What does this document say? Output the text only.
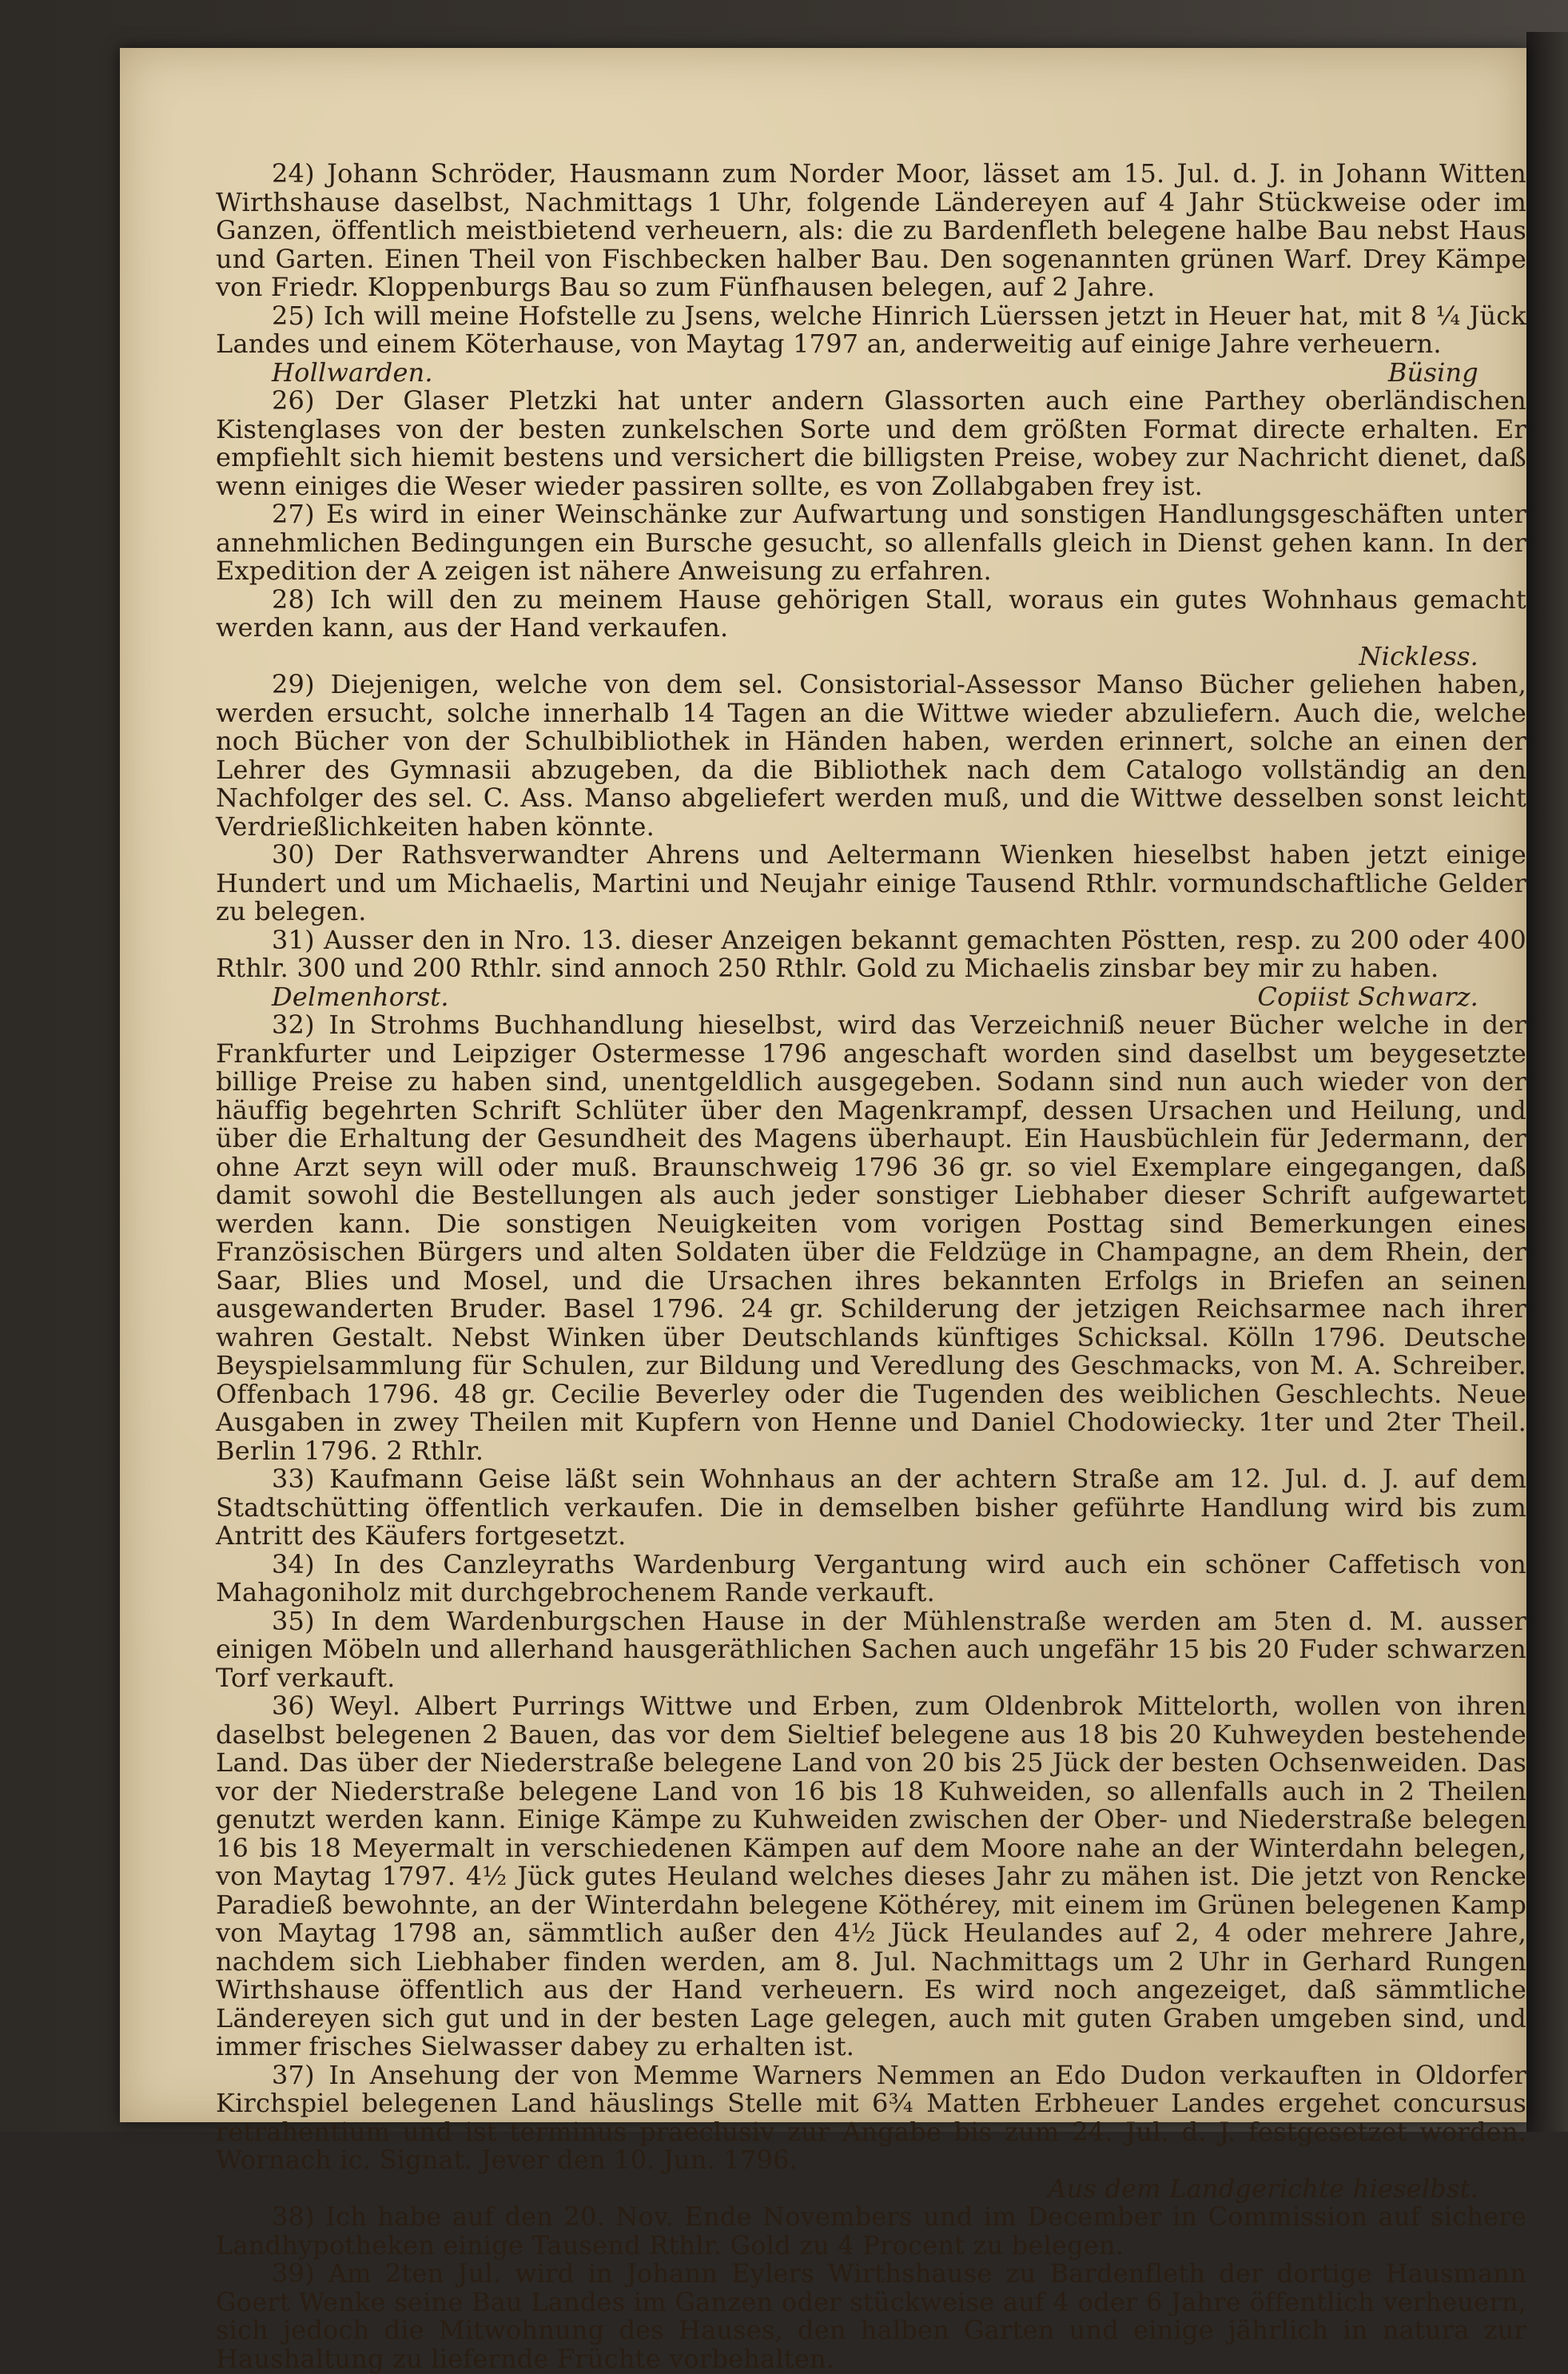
24) Johann Schröder, Hausmann zum Norder Moor, lässet am 15. Jul. d. J. in Johann Witten Wirthshause daselbst, Nachmittags 1 Uhr, folgende Ländereyen auf 4 Jahr Stückweise oder im Ganzen, öffentlich meistbietend verheuern, als: die zu Bardenfleth belegene halbe Bau nebst Haus und Garten. Einen Theil von Fischbecken halber Bau. Den sogenannten grünen Warf. Drey Kämpe von Friedr. Kloppenburgs Bau so zum Fünfhausen belegen, auf 2 Jahre.

25) Ich will meine Hofstelle zu Jsens, welche Hinrich Lüerssen jetzt in Heuer hat, mit 8 ¼ Jück Landes und einem Köterhause, von Maytag 1797 an, anderweitig auf einige Jahre verheuern.

Hollwarden.	Büsing

26) Der Glaser Pletzki hat unter andern Glassorten auch eine Parthey oberländischen Kistenglases von der besten zunkelschen Sorte und dem größten Format directe erhalten. Er empfiehlt sich hiemit bestens und versichert die billigsten Preise, wobey zur Nachricht dienet, daß wenn einiges die Weser wieder passiren sollte, es von Zollabgaben frey ist.

27) Es wird in einer Weinschänke zur Aufwartung und sonstigen Handlungsgeschäften unter annehmlichen Bedingungen ein Bursche gesucht, so allenfalls gleich in Dienst gehen kann. In der Expedition der A zeigen ist nähere Anweisung zu erfahren.

28) Ich will den zu meinem Hause gehörigen Stall, woraus ein gutes Wohnhaus gemacht werden kann, aus der Hand verkaufen.

Nickless.

29) Diejenigen, welche von dem sel. Consistorial-Assessor Manso Bücher geliehen haben, werden ersucht, solche innerhalb 14 Tagen an die Wittwe wieder abzuliefern. Auch die, welche noch Bücher von der Schulbibliothek in Händen haben, werden erinnert, solche an einen der Lehrer des Gymnasii abzugeben, da die Bibliothek nach dem Catalogo vollständig an den Nachfolger des sel. C. Ass. Manso abgeliefert werden muß, und die Wittwe desselben sonst leicht Verdrießlichkeiten haben könnte.

30) Der Rathsverwandter Ahrens und Aeltermann Wienken hieselbst haben jetzt einige Hundert und um Michaelis, Martini und Neujahr einige Tausend Rthlr. vormundschaftliche Gelder zu belegen.

31) Ausser den in Nro. 13. dieser Anzeigen bekannt gemachten Pöstten, resp. zu 200 oder 400 Rthlr. 300 und 200 Rthlr. sind annoch 250 Rthlr. Gold zu Michaelis zinsbar bey mir zu haben.

Delmenhorst.	Copiist Schwarz.

32) In Strohms Buchhandlung hieselbst, wird das Verzeichniß neuer Bücher welche in der Frankfurter und Leipziger Ostermesse 1796 angeschaft worden sind daselbst um beygesetzte billige Preise zu haben sind, unentgeldlich ausgegeben. Sodann sind nun auch wieder von der häuffig begehrten Schrift Schlüter über den Magenkrampf, dessen Ursachen und Heilung, und über die Erhaltung der Gesundheit des Magens überhaupt. Ein Hausbüchlein für Jedermann, der ohne Arzt seyn will oder muß. Braunschweig 1796 36 gr. so viel Exemplare eingegangen, daß damit sowohl die Bestellungen als auch jeder sonstiger Liebhaber dieser Schrift aufgewartet werden kann. Die sonstigen Neuigkeiten vom vorigen Posttag sind Bemerkungen eines Französischen Bürgers und alten Soldaten über die Feldzüge in Champagne, an dem Rhein, der Saar, Blies und Mosel, und die Ursachen ihres bekannten Erfolgs in Briefen an seinen ausgewanderten Bruder. Basel 1796. 24 gr. Schilderung der jetzigen Reichsarmee nach ihrer wahren Gestalt. Nebst Winken über Deutschlands künftiges Schicksal. Kölln 1796. Deutsche Beyspielsammlung für Schulen, zur Bildung und Veredlung des Geschmacks, von M. A. Schreiber. Offenbach 1796. 48 gr. Cecilie Beverley oder die Tugenden des weiblichen Geschlechts. Neue Ausgaben in zwey Theilen mit Kupfern von Henne und Daniel Chodowiecky. 1ter und 2ter Theil. Berlin 1796. 2 Rthlr.

33) Kaufmann Geise läßt sein Wohnhaus an der achtern Straße am 12. Jul. d. J. auf dem Stadtschütting öffentlich verkaufen. Die in demselben bisher geführte Handlung wird bis zum Antritt des Käufers fortgesetzt.

34) In des Canzleyraths Wardenburg Vergantung wird auch ein schöner Caffetisch von Mahagoniholz mit durchgebrochenem Rande verkauft.

35) In dem Wardenburgschen Hause in der Mühlenstraße werden am 5ten d. M. ausser einigen Möbeln und allerhand hausgeräthlichen Sachen auch ungefähr 15 bis 20 Fuder schwarzen Torf verkauft.

36) Weyl. Albert Purrings Wittwe und Erben, zum Oldenbrok Mittelorth, wollen von ihren daselbst belegenen 2 Bauen, das vor dem Sieltief belegene aus 18 bis 20 Kuhweyden bestehende Land. Das über der Niederstraße belegene Land von 20 bis 25 Jück der besten Ochsenweiden. Das vor der Niederstraße belegene Land von 16 bis 18 Kuhweiden, so allenfalls auch in 2 Theilen genutzt werden kann. Einige Kämpe zu Kuhweiden zwischen der Ober- und Niederstraße belegen 16 bis 18 Meyermalt in verschiedenen Kämpen auf dem Moore nahe an der Winterdahn belegen, von Maytag 1797. 4½ Jück gutes Heuland welches dieses Jahr zu mähen ist. Die jetzt von Rencke Paradieß bewohnte, an der Winterdahn belegene Köthérey, mit einem im Grünen belegenen Kamp von Maytag 1798 an, sämmtlich außer den 4½ Jück Heulandes auf 2, 4 oder mehrere Jahre, nachdem sich Liebhaber finden werden, am 8. Jul. Nachmittags um 2 Uhr in Gerhard Rungen Wirthshause öffentlich aus der Hand verheuern. Es wird noch angezeiget, daß sämmtliche Ländereyen sich gut und in der besten Lage gelegen, auch mit guten Graben umgeben sind, und immer frisches Sielwasser dabey zu erhalten ist.

37) In Ansehung der von Memme Warners Nemmen an Edo Dudon verkauften in Oldorfer Kirchspiel belegenen Land häuslings Stelle mit 6¾ Matten Erbheuer Landes ergehet concursus retrahentium und ist terminus praeclusiv zur Angabe bis zum 24. Jul. d. J. festgesetzet worden. Wornach ic. Signat. Jever den 10. Jun. 1796.

Aus dem Landgerichte hieselbst.

38) Ich habe auf den 20. Nov. Ende Novembers und im December in Commission auf sichere Landhypotheken einige Tausend Rthlr. Gold zu 4 Procent zu belegen.

39) Am 2ten Jul. wird in Johann Eylers Wirthshause zu Bardenfleth der dortige Hausmann Goert Wenke seine Bau Landes im Ganzen oder stückweise auf 4 oder 6 Jahre öffentlich verheuern, sich jedoch die Mitwohnung des Hauses, den halben Garten und einige jährlich in natura zur Haushaltung zu liefernde Früchte vorbehalten.
